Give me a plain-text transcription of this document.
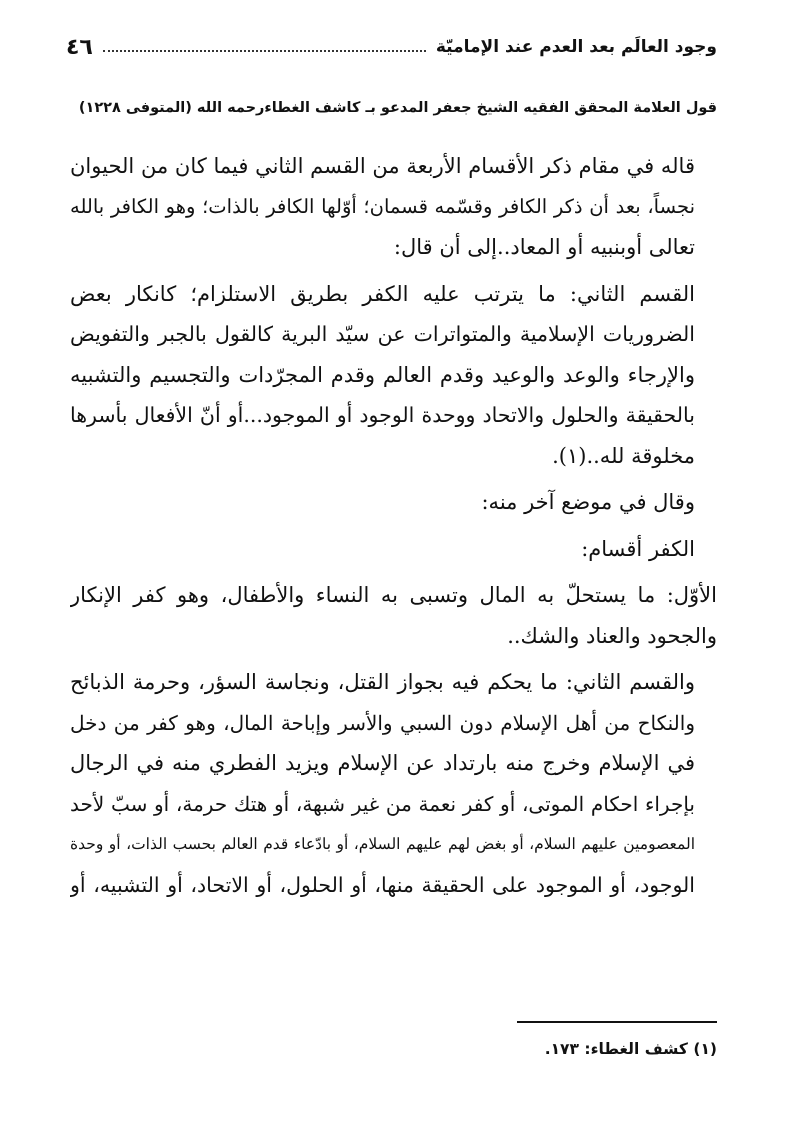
وجود العالَم بعد العدم عند الإماميّة
٤٦
قول العلامة المحقق الفقيه الشيخ جعفر المدعو بـ كاشف الغطاءرحمه الله (المتوفى ١٢٢٨)
قاله في مقام ذكر الأقسام الأربعة من القسم الثاني فيما كان من الحيوان
نجساً، بعد أن ذكر الكافر وقسّمه قسمان؛ أوّلها الكافر بالذات؛ وهو الكافر بالله
تعالى أوبنبيه أو المعاد..إلى أن قال:
القسم الثاني: ما يترتب عليه الكفر بطريق الاستلزام؛ كانكار بعض
الضروريات الإسلامية والمتواترات عن سيّد البرية كالقول بالجبر والتفويض
والإرجاء والوعد والوعيد وقدم العالم وقدم المجرّدات والتجسيم والتشبيه
بالحقيقة والحلول والاتحاد ووحدة الوجود أو الموجود...أو أنّ الأفعال بأسرها
مخلوقة لله..(١).
وقال في موضع آخر منه:
الكفر أقسام:
الأوّل: ما يستحلّ به المال وتسبى به النساء والأطفال، وهو كفر الإنكار
والجحود والعناد والشك..
والقسم الثاني: ما يحكم فيه بجواز القتل، ونجاسة السؤر، وحرمة الذبائح
والنكاح من أهل الإسلام دون السبي والأسر وإباحة المال، وهو كفر من دخل
في الإسلام وخرج منه بارتداد عن الإسلام ويزيد الفطري منه في الرجال
بإجراء احكام الموتى، أو كفر نعمة من غير شبهة، أو هتك حرمة، أو سبّ لأحد
المعصومين عليهم السلام، أو بغض لهم عليهم السلام، أو بادّعاء قدم العالم بحسب الذات، أو وحدة
الوجود، أو الموجود على الحقيقة منها، أو الحلول، أو الاتحاد، أو التشبيه، أو
(١) كشف الغطاء: ١٧٣.
